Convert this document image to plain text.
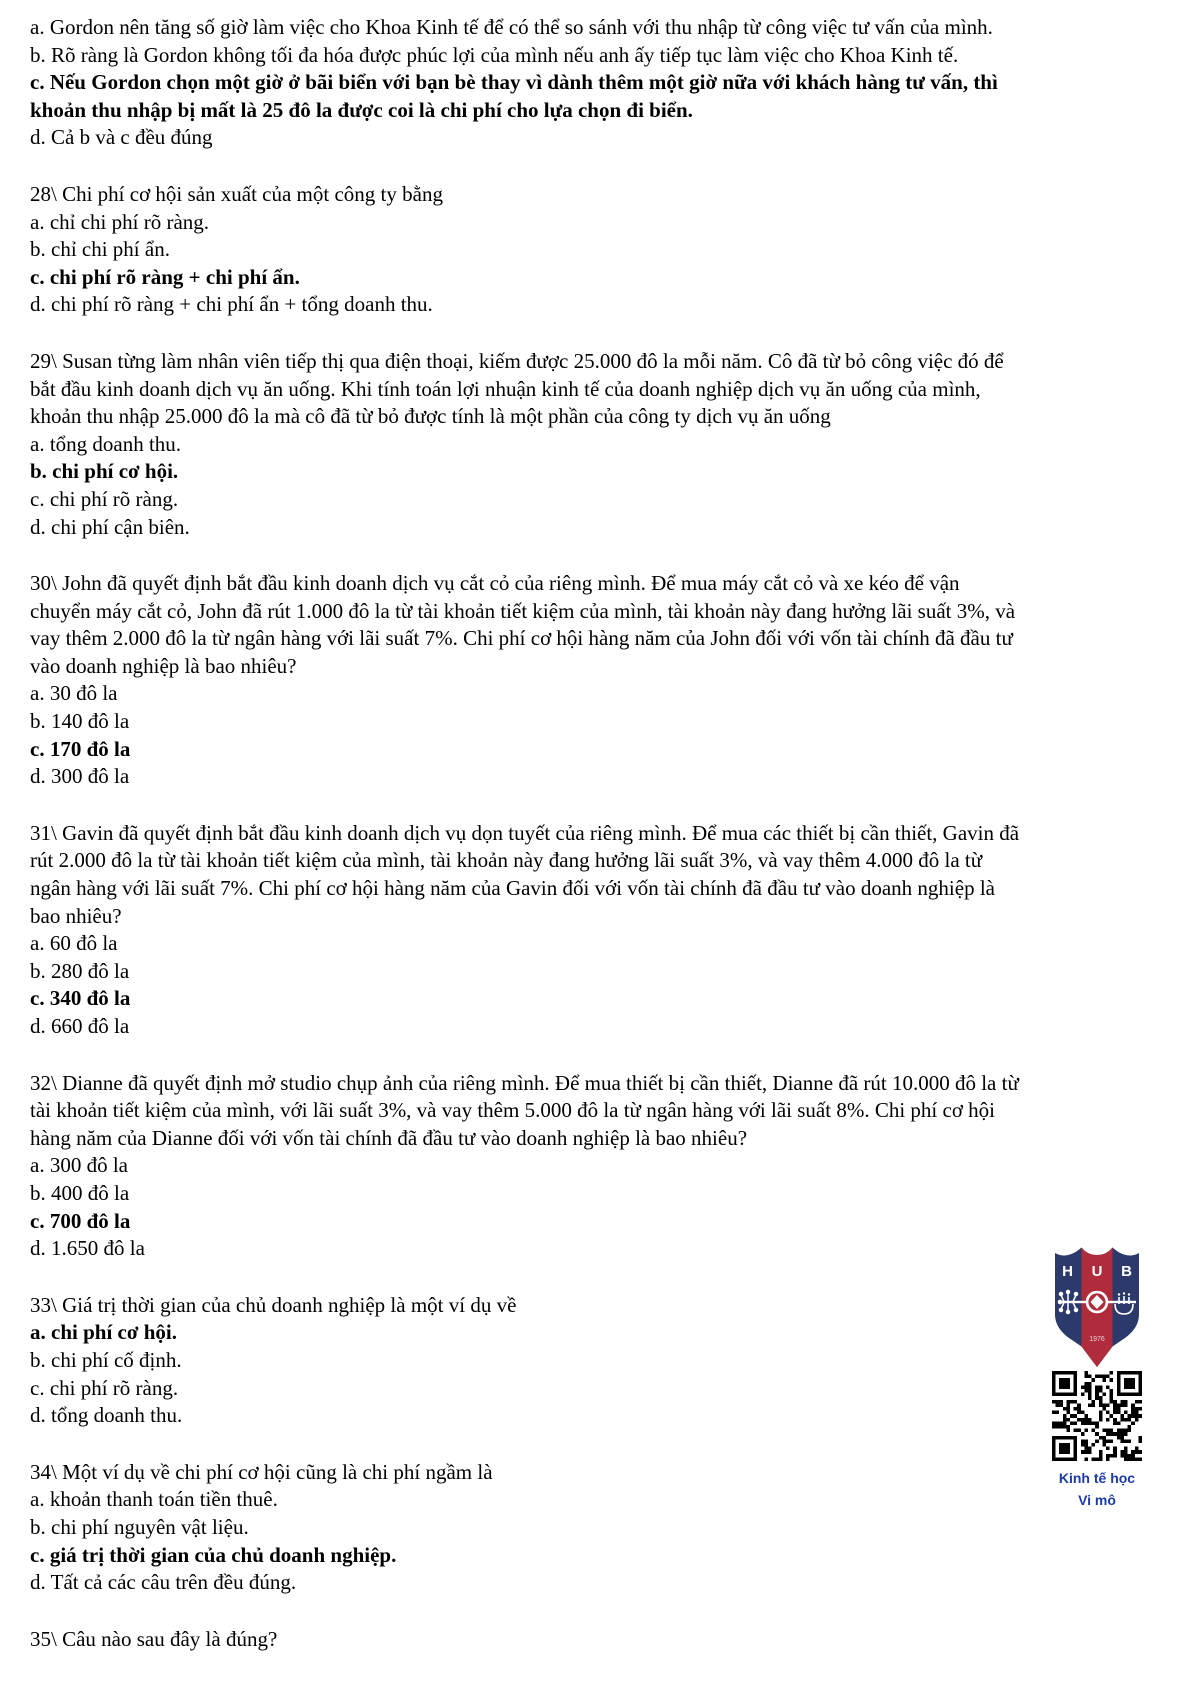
a. Gordon nên tăng số giờ làm việc cho Khoa Kinh tế để có thể so sánh với thu nhập từ công việc tư vấn của mình.
b. Rõ ràng là Gordon không tối đa hóa được phúc lợi của mình nếu anh ấy tiếp tục làm việc cho Khoa Kinh tế.
c. Nếu Gordon chọn một giờ ở bãi biển với bạn bè thay vì dành thêm một giờ nữa với khách hàng tư vấn, thì
khoản thu nhập bị mất là 25 đô la được coi là chi phí cho lựa chọn đi biển.
d. Cả b và c đều đúng
28\ Chi phí cơ hội sản xuất của một công ty bằng
a. chỉ chi phí rõ ràng.
b. chỉ chi phí ẩn.
c. chi phí rõ ràng + chi phí ẩn.
d. chi phí rõ ràng + chi phí ẩn + tổng doanh thu.
29\ Susan từng làm nhân viên tiếp thị qua điện thoại, kiếm được 25.000 đô la mỗi năm. Cô đã từ bỏ công việc đó để
bắt đầu kinh doanh dịch vụ ăn uống. Khi tính toán lợi nhuận kinh tế của doanh nghiệp dịch vụ ăn uống của mình,
khoản thu nhập 25.000 đô la mà cô đã từ bỏ được tính là một phần của công ty dịch vụ ăn uống
a. tổng doanh thu.
b. chi phí cơ hội.
c. chi phí rõ ràng.
d. chi phí cận biên.
30\ John đã quyết định bắt đầu kinh doanh dịch vụ cắt cỏ của riêng mình. Để mua máy cắt cỏ và xe kéo để vận
chuyển máy cắt cỏ, John đã rút 1.000 đô la từ tài khoản tiết kiệm của mình, tài khoản này đang hưởng lãi suất 3%, và
vay thêm 2.000 đô la từ ngân hàng với lãi suất 7%. Chi phí cơ hội hàng năm của John đối với vốn tài chính đã đầu tư
vào doanh nghiệp là bao nhiêu?
a. 30 đô la
b. 140 đô la
c. 170 đô la
d. 300 đô la
31\ Gavin đã quyết định bắt đầu kinh doanh dịch vụ dọn tuyết của riêng mình. Để mua các thiết bị cần thiết, Gavin đã
rút 2.000 đô la từ tài khoản tiết kiệm của mình, tài khoản này đang hưởng lãi suất 3%, và vay thêm 4.000 đô la từ
ngân hàng với lãi suất 7%. Chi phí cơ hội hàng năm của Gavin đối với vốn tài chính đã đầu tư vào doanh nghiệp là
bao nhiêu?
a. 60 đô la
b. 280 đô la
c. 340 đô la
d. 660 đô la
32\ Dianne đã quyết định mở studio chụp ảnh của riêng mình. Để mua thiết bị cần thiết, Dianne đã rút 10.000 đô la từ
tài khoản tiết kiệm của mình, với lãi suất 3%, và vay thêm 5.000 đô la từ ngân hàng với lãi suất 8%. Chi phí cơ hội
hàng năm của Dianne đối với vốn tài chính đã đầu tư vào doanh nghiệp là bao nhiêu?
a. 300 đô la
b. 400 đô la
c. 700 đô la
d. 1.650 đô la
33\ Giá trị thời gian của chủ doanh nghiệp là một ví dụ về
a. chi phí cơ hội.
b. chi phí cố định.
c. chi phí rõ ràng.
d. tổng doanh thu.
34\ Một ví dụ về chi phí cơ hội cũng là chi phí ngầm là
a. khoản thanh toán tiền thuê.
b. chi phí nguyên vật liệu.
c. giá trị thời gian của chủ doanh nghiệp.
d. Tất cả các câu trên đều đúng.
35\ Câu nào sau đây là đúng?
H U B
1976
Kinh tế học
Vi mô
